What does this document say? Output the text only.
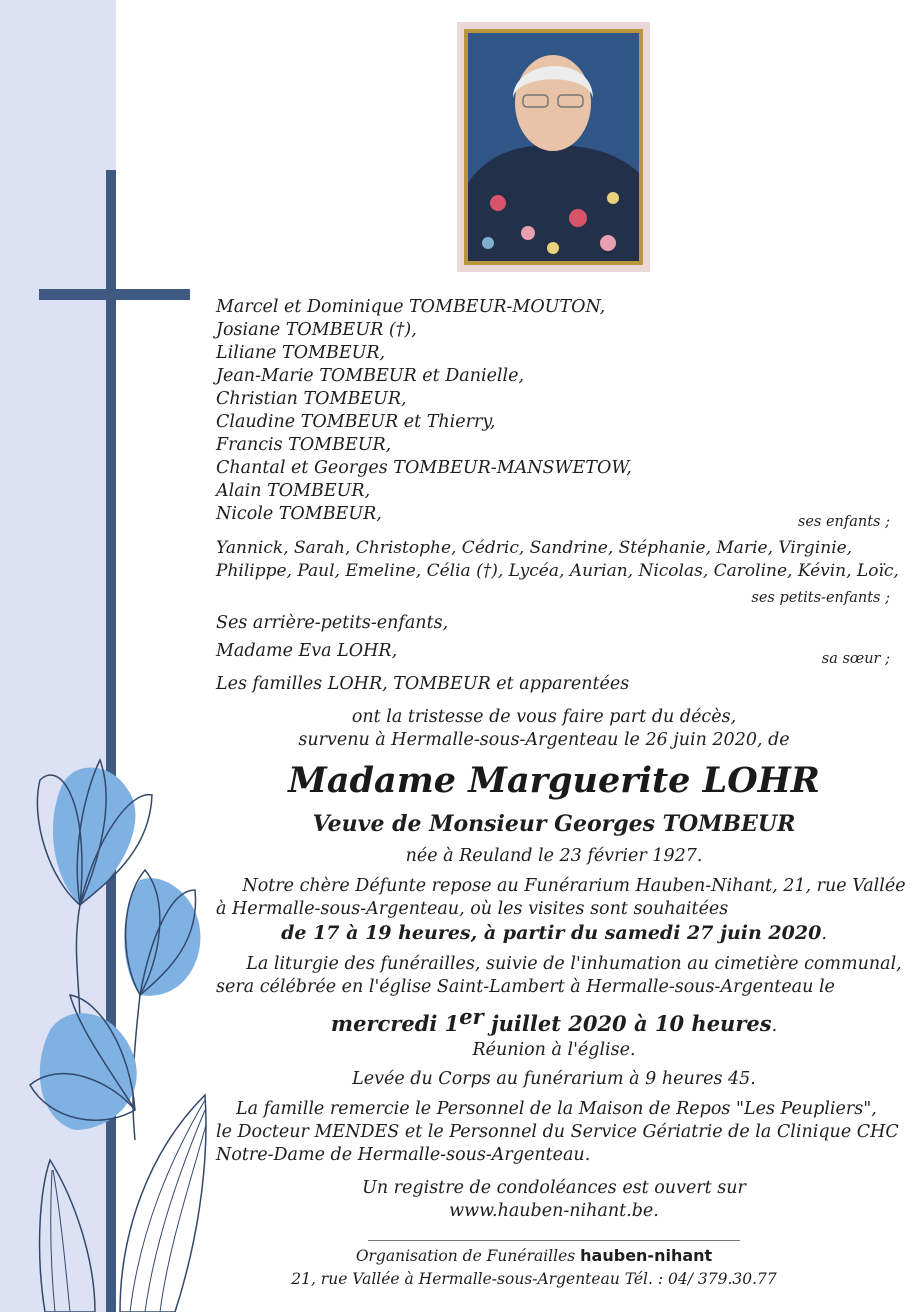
Marcel et Dominique TOMBEUR-MOUTON,
Josiane TOMBEUR (†),
Liliane TOMBEUR,
Jean-Marie TOMBEUR et Danielle,
Christian TOMBEUR,
Claudine TOMBEUR et Thierry,
Francis TOMBEUR,
Chantal et Georges TOMBEUR-MANSWETOW,
Alain TOMBEUR,
Nicole TOMBEUR,	ses enfants ;
Yannick, Sarah, Christophe, Cédric, Sandrine, Stéphanie, Marie, Virginie,
Philippe, Paul, Emeline, Célia (†), Lycéa, Aurian, Nicolas, Caroline, Kévin, Loïc,
ses petits-enfants ;
Ses arrière-petits-enfants,
Madame Eva LOHR,	sa sœur ;
Les familles LOHR, TOMBEUR et apparentées
ont la tristesse de vous faire part du décès,
survenu à Hermalle-sous-Argenteau le 26 juin 2020, de
Madame Marguerite LOHR
Veuve de Monsieur Georges TOMBEUR
née à Reuland le 23 février 1927.
Notre chère Défunte repose au Funérarium Hauben-Nihant, 21, rue Vallée
à Hermalle-sous-Argenteau, où les visites sont souhaitées
de 17 à 19 heures, à partir du samedi 27 juin 2020.
La liturgie des funérailles, suivie de l'inhumation au cimetière communal,
sera célébrée en l'église Saint-Lambert à Hermalle-sous-Argenteau le
mercredi 1er juillet 2020 à 10 heures.
Réunion à l'église.
Levée du Corps au funérarium à 9 heures 45.
La famille remercie le Personnel de la Maison de Repos "Les Peupliers",
le Docteur MENDES et le Personnel du Service Gériatrie de la Clinique CHC
Notre-Dame de Hermalle-sous-Argenteau.
Un registre de condoléances est ouvert sur
www.hauben-nihant.be.
Organisation de Funérailles hauben-nihant
21, rue Vallée à Hermalle-sous-Argenteau Tél. : 04/ 379.30.77
